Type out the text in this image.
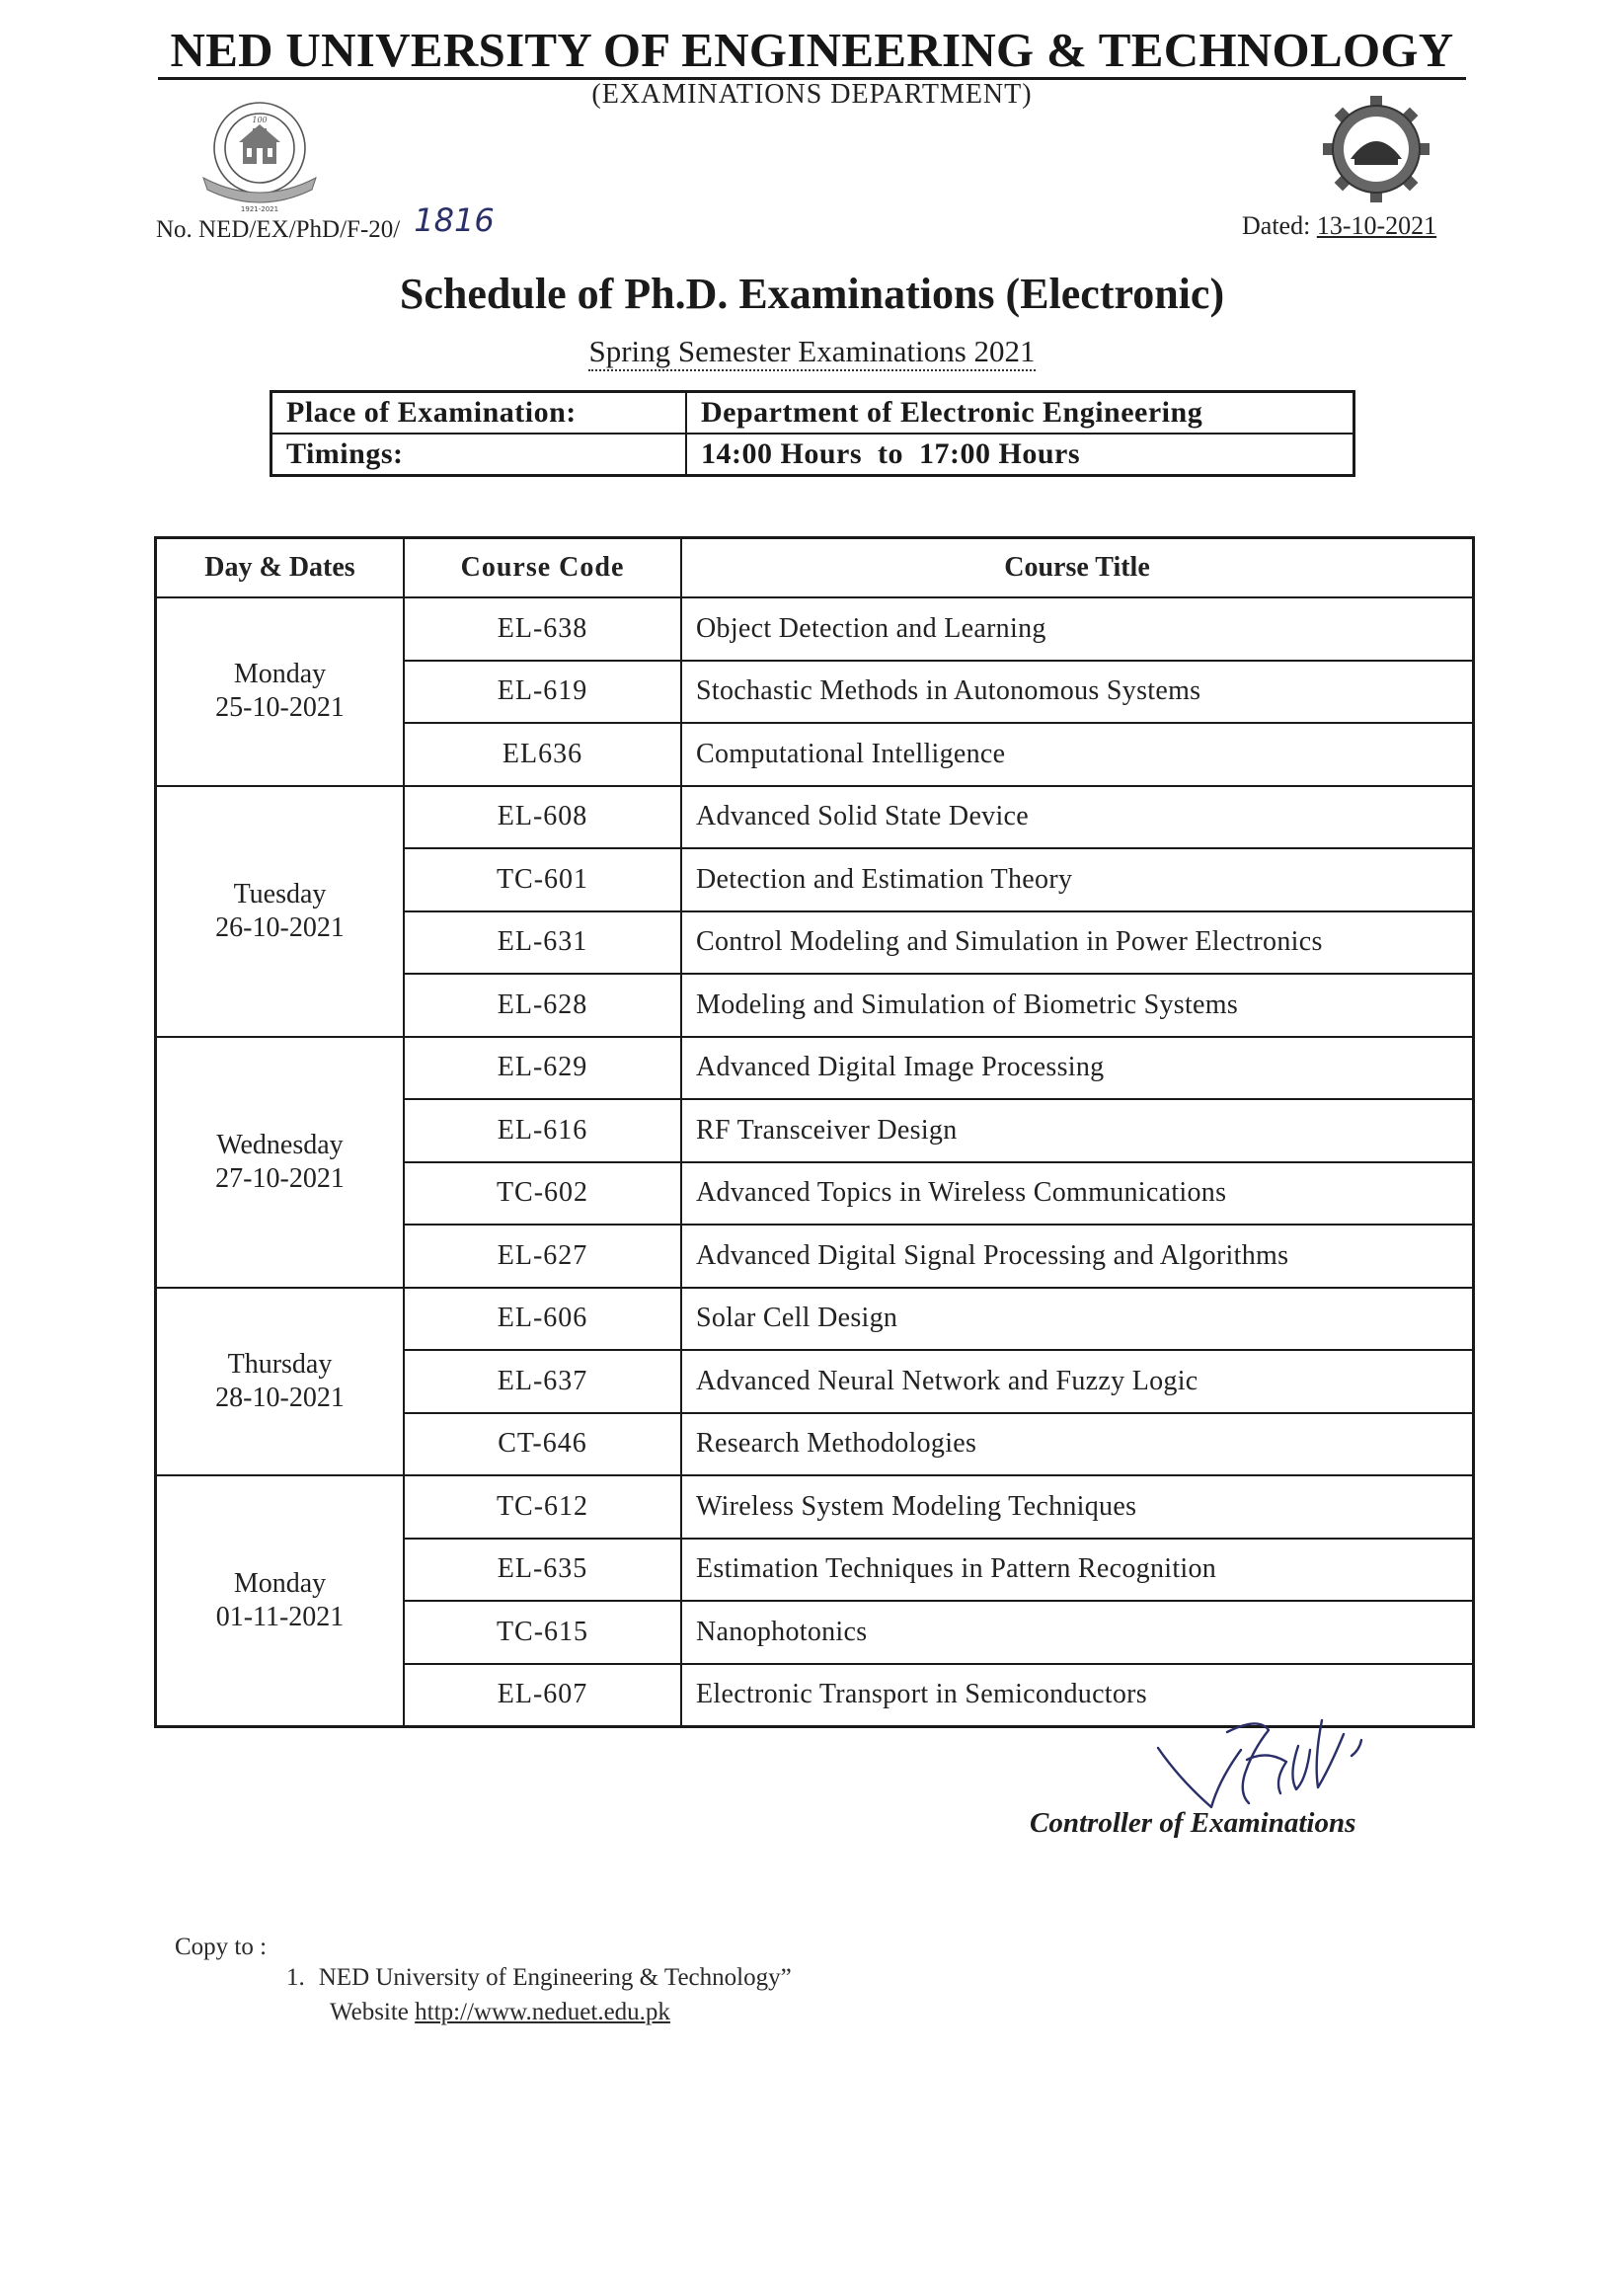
NED UNIVERSITY OF ENGINEERING & TECHNOLOGY
(EXAMINATIONS DEPARTMENT)
100
1921-2021
No. NED/EX/PhD/F-20/ 1816	Dated: 13-10-2021
Schedule of Ph.D. Examinations (Electronic)
Spring Semester Examinations 2021
Place of Examination:	Department of Electronic Engineering
Timings:	14:00 Hours  to  17:00 Hours
Day & Dates	Course Code	Course Title

Monday
25-10-2021	EL-638	Object Detection and Learning
	EL-619	Stochastic Methods in Autonomous Systems
	EL636	Computational Intelligence

Tuesday
26-10-2021	EL-608	Advanced Solid State Device
	TC-601	Detection and Estimation Theory
	EL-631	Control Modeling and Simulation in Power Electronics
	EL-628	Modeling and Simulation of Biometric Systems

Wednesday
27-10-2021	EL-629	Advanced Digital Image Processing
	EL-616	RF Transceiver Design
	TC-602	Advanced Topics in Wireless Communications
	EL-627	Advanced Digital Signal Processing and Algorithms

Thursday
28-10-2021	EL-606	Solar Cell Design
	EL-637	Advanced Neural Network and Fuzzy Logic
	CT-646	Research Methodologies

Monday
01-11-2021	TC-612	Wireless System Modeling Techniques
	EL-635	Estimation Techniques in Pattern Recognition
	TC-615	Nanophotonics
	EL-607	Electronic Transport in Semiconductors
Controller of Examinations
Copy to :
1. NED University of Engineering & Technology”
Website http://www.neduet.edu.pk
